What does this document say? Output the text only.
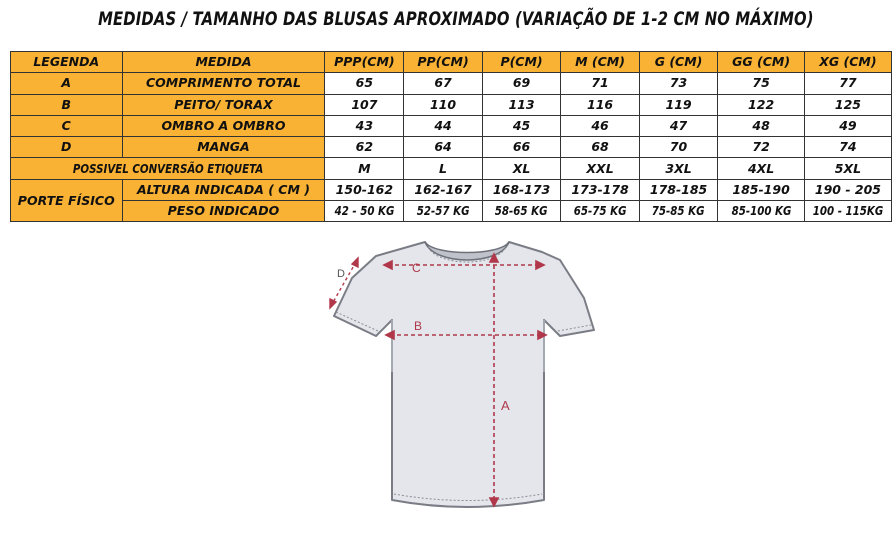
MEDIDAS / TAMANHO DAS BLUSAS APROXIMADO (VARIAÇÃO DE 1-2 CM NO MÁXIMO)
LEGENDA	MEDIDA	PPP(CM)	PP(CM)	P(CM)	M (CM)	G (CM)	GG (CM)	XG (CM)
A	COMPRIMENTO TOTAL	65	67	69	71	73	75	77
B	PEITO/ TORAX	107	110	113	116	119	122	125
C	OMBRO A OMBRO	43	44	45	46	47	48	49
D	MANGA	62	64	66	68	70	72	74
POSSIVEL CONVERSÃO ETIQUETA		M	L	XL	XXL	3XL	4XL	5XL
PORTE FÍSICO	ALTURA INDICADA ( CM )	150-162	162-167	168-173	173-178	178-185	185-190	190 - 205
	PESO INDICADO	42 - 50 KG	52-57 KG	58-65 KG	65-75 KG	75-85 KG	85-100 KG	100 - 115KG
C
D
B
A
